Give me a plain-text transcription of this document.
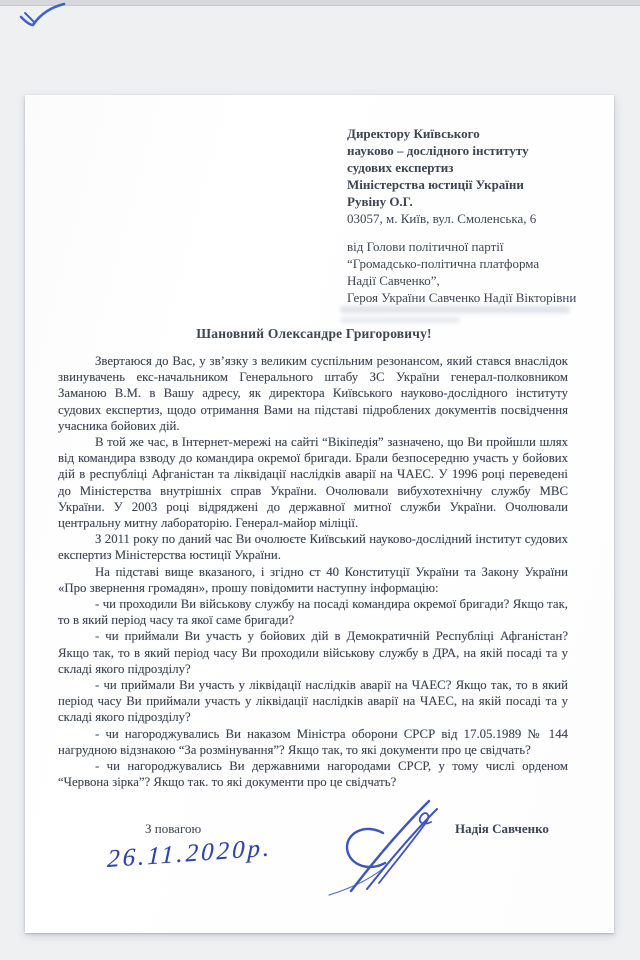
Директору Київського
науково – дослідного інституту
судових експертиз
Міністерства юстиції України
Рувіну О.Г.
03057, м. Київ, вул. Смоленська, 6
від Голови політичної партії
“Громадсько-політична платформа
Надії Савченко”,
Героя України Савченко Надії Вікторівни
Шановний Олександре Григоровичу!

Звертаюся до Вас, у зв’язку з великим суспільним резонансом, який стався внаслідок звинувачень екс-начальником Генерального штабу ЗС України генерал-полковником Заманою В.М. в Вашу адресу, як директора Київського науково-дослідного інституту судових експертиз, щодо отримання Вами на підставі підроблених документів посвідчення учасника бойових дій.

В той же час, в Інтернет-мережі на сайті “Вікіпедія” зазначено, що Ви пройшли шлях від командира взводу до командира окремої бригади. Брали безпосередню участь у бойових дій в республіці Афганістан та ліквідації наслідків аварії на ЧАЕС. У 1996 році переведені до Міністерства внутрішніх справ України. Очолювали вибухотехнічну службу МВС України. У 2003 році відряджені до державної митної служби України. Очолювали центральну митну лабораторію. Генерал-майор міліції.

З 2011 року по даний час Ви очолюєте Київський науково-дослідний інститут судових експертиз Міністерства юстиції України.

На підставі вище вказаного, і згідно ст 40 Конституції України та Закону України «Про звернення громадян», прошу повідомити наступну інформацію:

- чи проходили Ви військову службу на посаді командира окремої бригади? Якщо так, то в який період часу та якої саме бригади?

- чи приймали Ви участь у бойових дій в Демократичній Республіці Афганістан? Якщо так, то в який період часу Ви проходили військову службу в ДРА, на якій посаді та у складі якого підрозділу?

- чи приймали Ви участь у ліквідації наслідків аварії на ЧАЕС? Якщо так, то в який період часу Ви приймали участь у ліквідації наслідків аварії на ЧАЕС, на якій посаді та у складі якого підрозділу?

- чи нагороджувались Ви наказом Міністра оборони СРСР від 17.05.1989 № 144 нагрудною відзнакою “За розмінування”? Якщо так, то які документи про це свідчать?

- чи нагороджувались Ви державними нагородами СРСР, у тому числі орденом “Червона зірка”? Якщо так. то які документи про це свідчать?

З повагою	Надія Савченко
26.11.2020р.
